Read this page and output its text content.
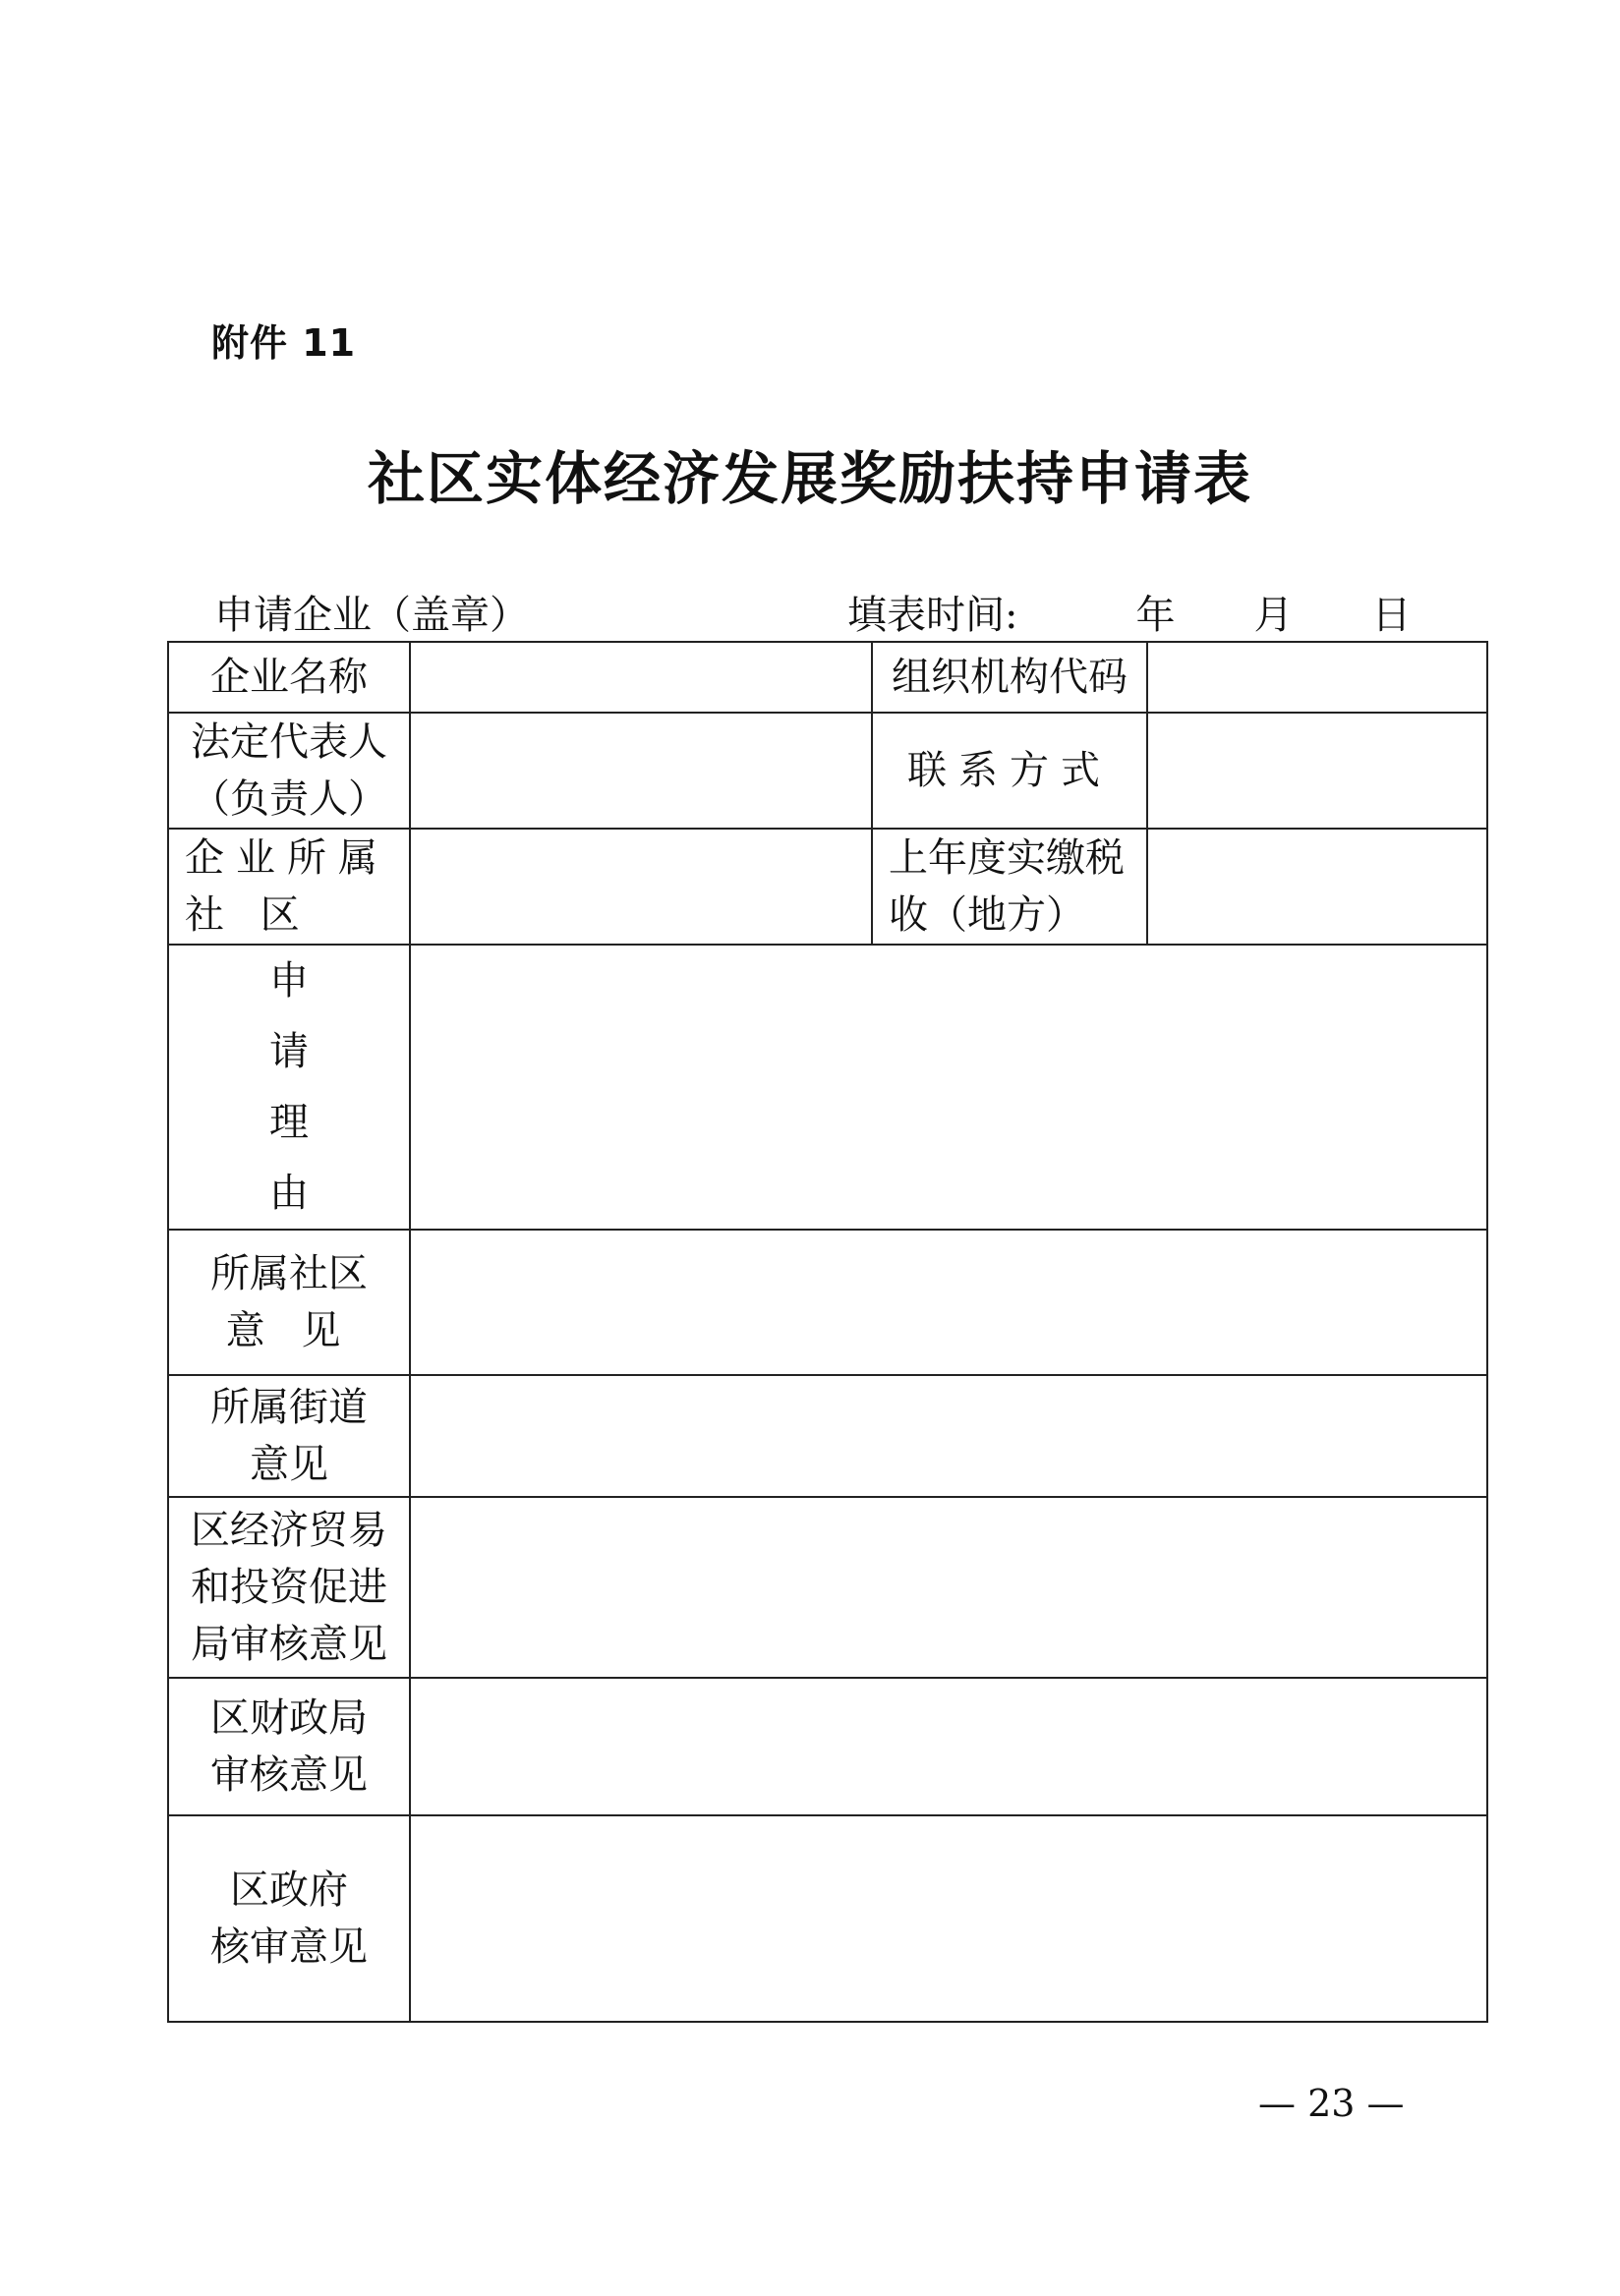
附件 11
社区实体经济发展奖励扶持申请表
申请企业（盖章）	填表时间:	年 月 日
企业名称		组织机构代码	

法定代表人
（负责人）		联系方式	

企业所属
社 区		上年度实缴税
收（地方）	

申
请
理
由			

所属社区
意 见			

所属街道
意见			

区经济贸易
和投资促进
局审核意见			

区财政局
审核意见			

区政府
核审意见			

— 23 —
